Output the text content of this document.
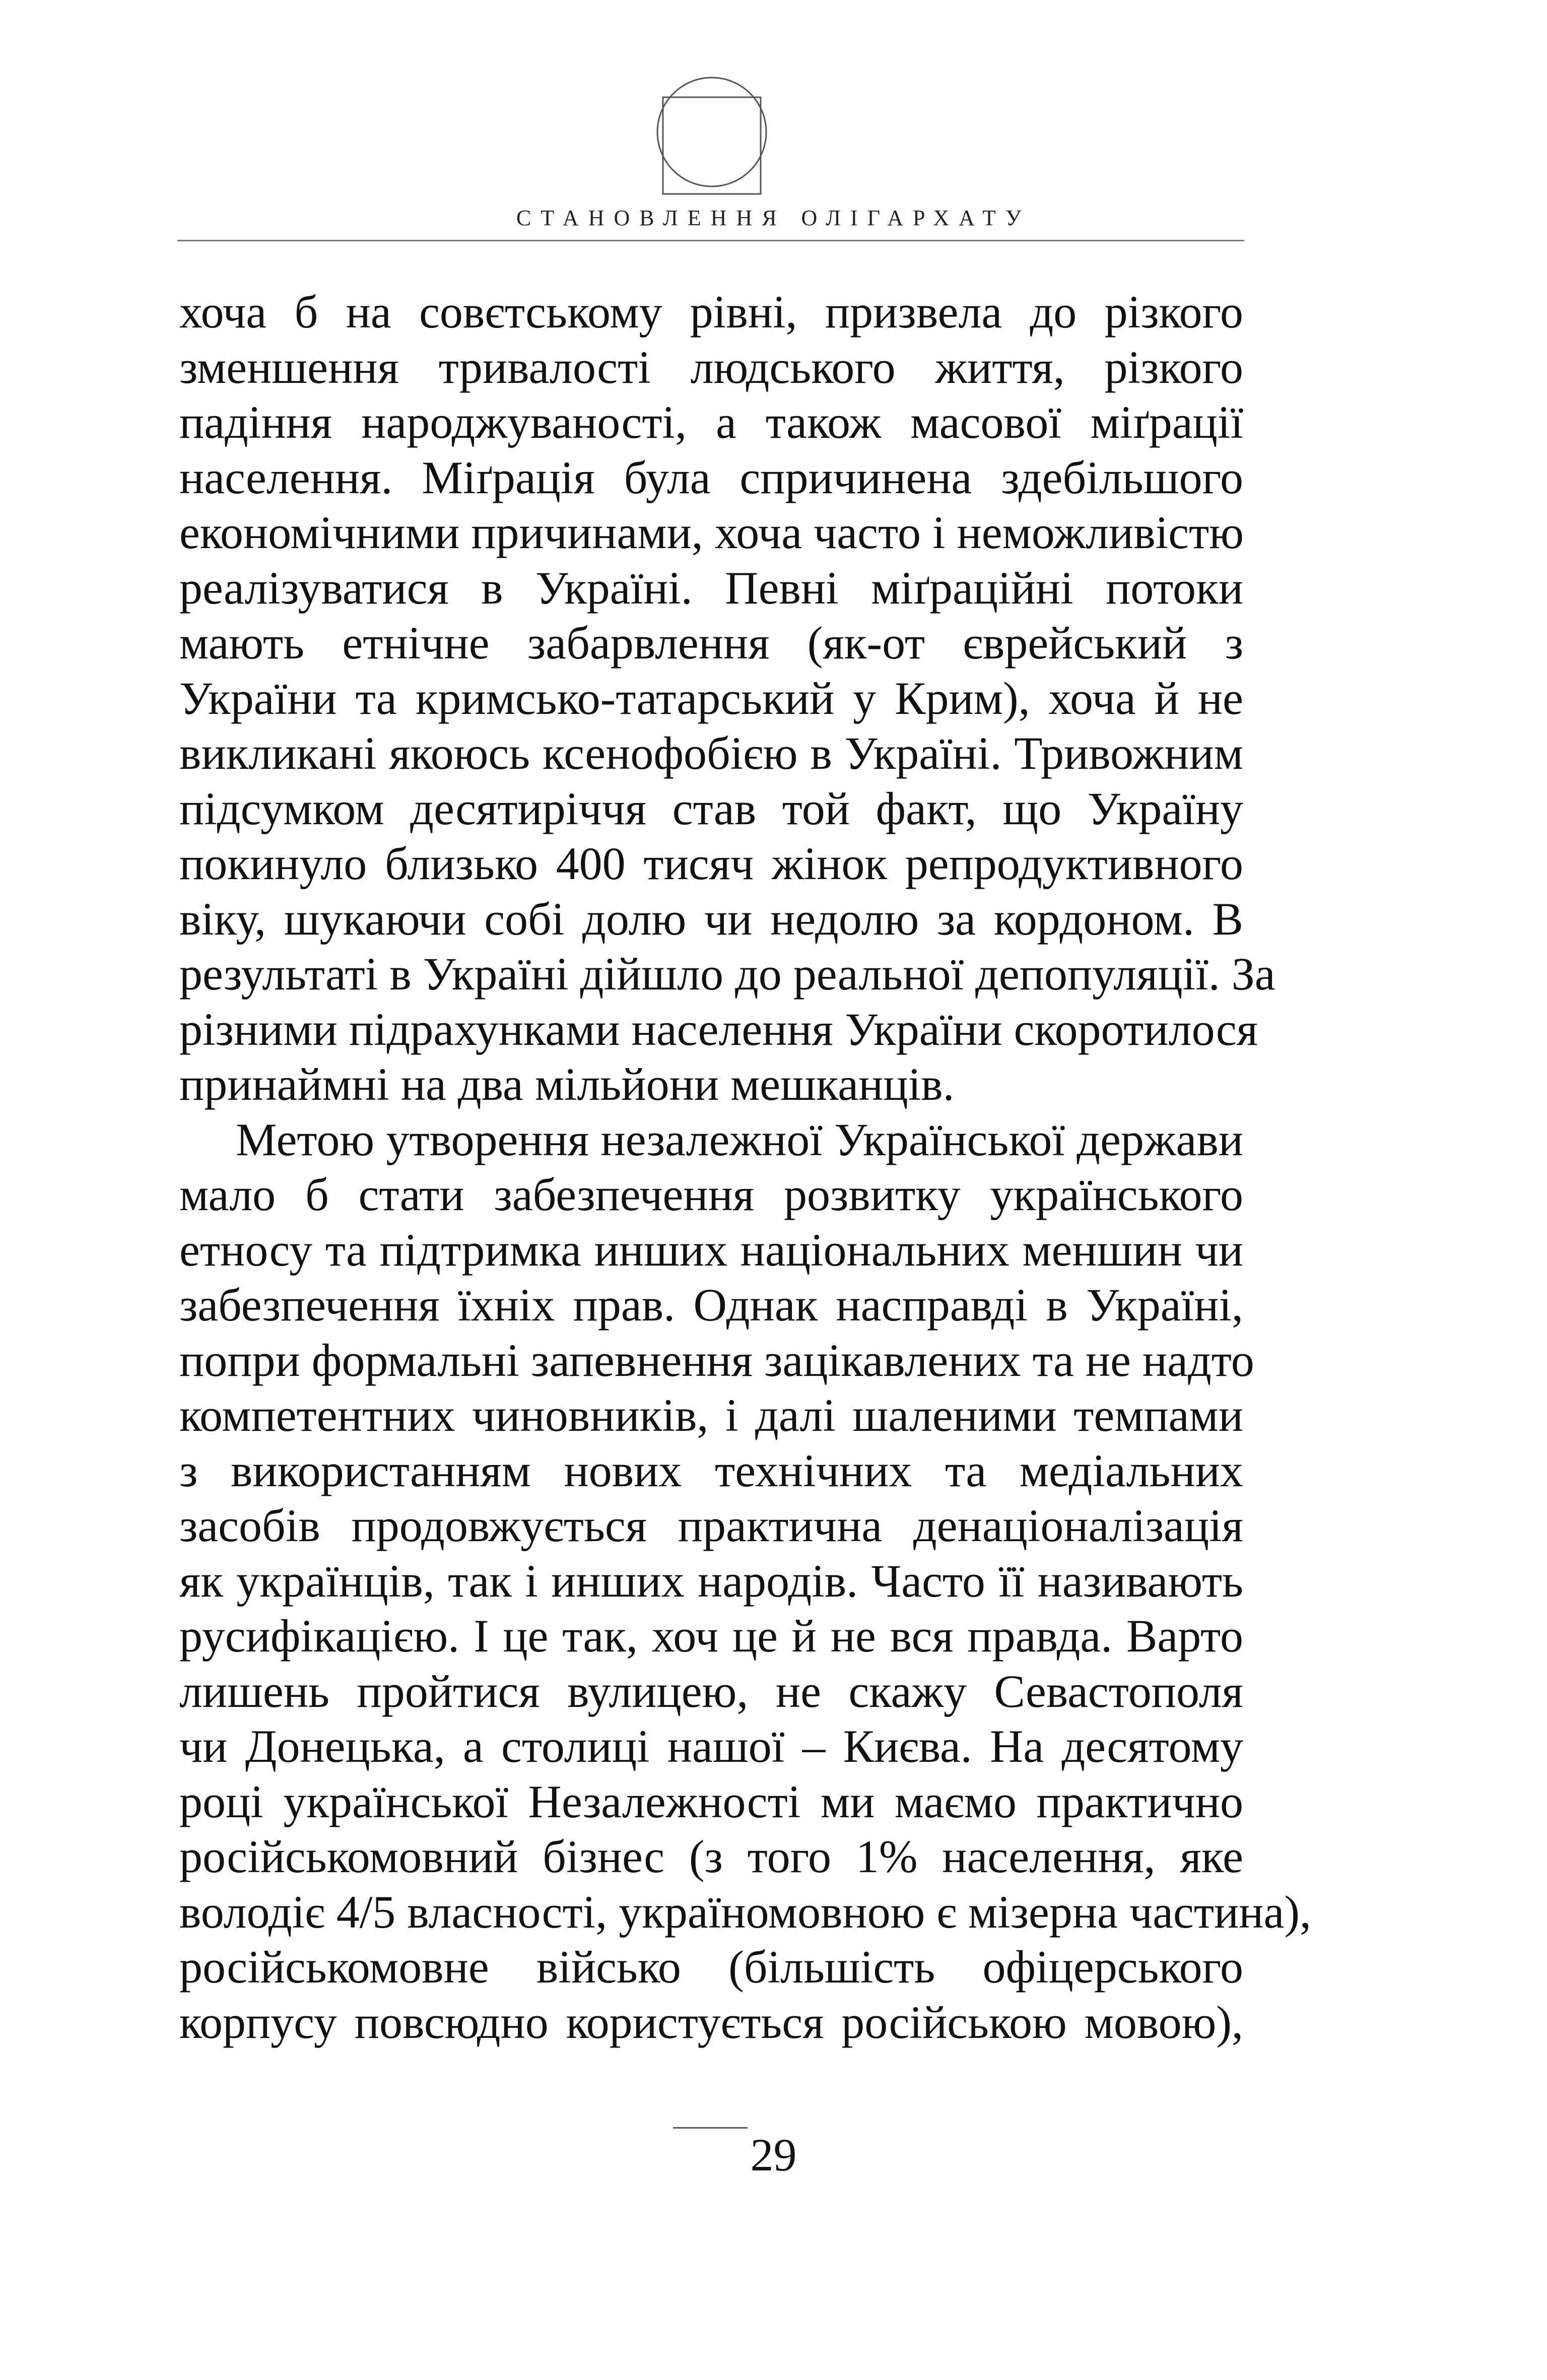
СТАНОВЛЕННЯ ОЛІГАРХАТУ

хоча б на совєтському рівні, призвела до різкого
зменшення тривалості людського життя, різкого
падіння народжуваності, а також масової міґрації
населення. Міґрація була спричинена здебільшого
економічними причинами, хоча часто і неможливістю
реалізуватися в Україні. Певні міґраційні потоки
мають етнічне забарвлення (як-от єврейський з
України та кримсько-татарський у Крим), хоча й не
викликані якоюсь ксенофобією в Україні. Тривожним
підсумком десятиріччя став той факт, що Україну
покинуло близько 400 тисяч жінок репродуктивного
віку, шукаючи собі долю чи недолю за кордоном. В
результаті в Україні дійшло до реальної депопуляції. За
різними підрахунками населення України скоротилося
принаймні на два мільйони мешканців.

Метою утворення незалежної Української держави
мало б стати забезпечення розвитку українського
етносу та підтримка инших національних меншин чи
забезпечення їхніх прав. Однак насправді в Україні,
попри формальні запевнення зацікавлених та не надто
компетентних чиновників, і далі шаленими темпами
з використанням нових технічних та медіальних
засобів продовжується практична денаціоналізація
як українців, так і инших народів. Часто її називають
русифікацією. І це так, хоч це й не вся правда. Варто
лишень пройтися вулицею, не скажу Севастополя
чи Донецька, а столиці нашої – Києва. На десятому
році української Незалежності ми маємо практично
російськомовний бізнес (з того 1% населення, яке
володіє 4/5 власності, україномовною є мізерна частина),
російськомовне військо (більшість офіцерського
корпусу повсюдно користується російською мовою),

29
